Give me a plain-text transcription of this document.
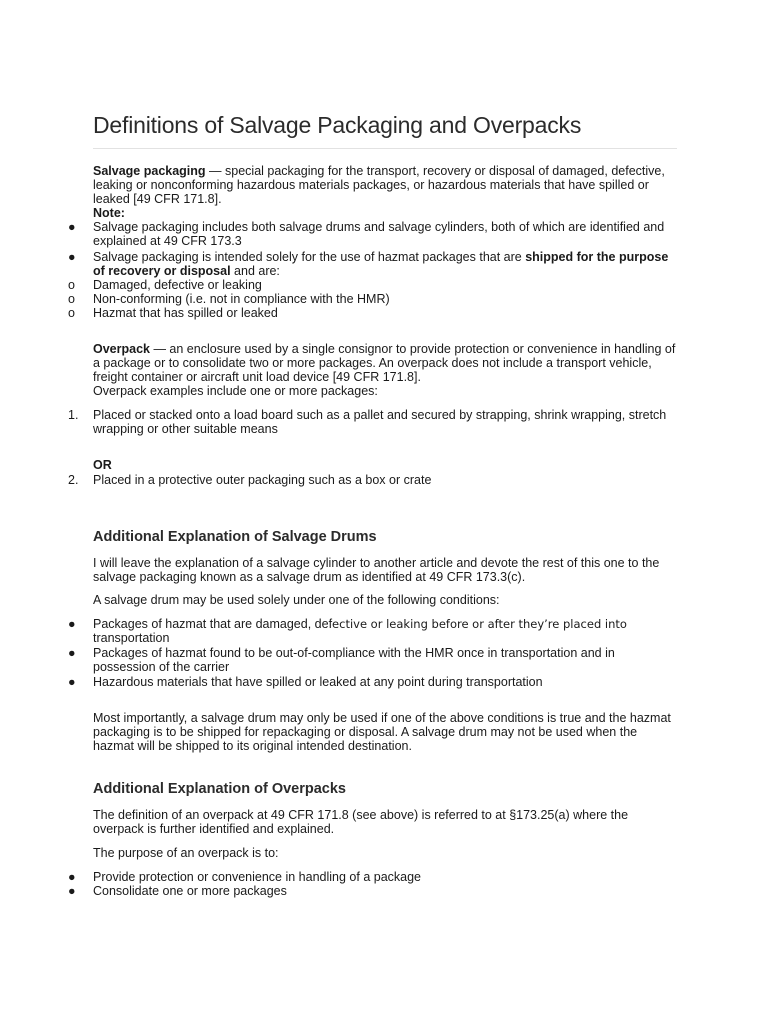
Definitions of Salvage Packaging and Overpacks

Salvage packaging — special packaging for the transport, recovery or disposal of damaged, defective, leaking or nonconforming hazardous materials packages, or hazardous materials that have spilled or leaked [49 CFR 171.8].

Note:

● Salvage packaging includes both salvage drums and salvage cylinders, both of which are identified and explained at 49 CFR 173.3
● Salvage packaging is intended solely for the use of hazmat packages that are shipped for the purpose of recovery or disposal and are:
o Damaged, defective or leaking
o Non-conforming (i.e. not in compliance with the HMR)
o Hazmat that has spilled or leaked

Overpack — an enclosure used by a single consignor to provide protection or convenience in handling of a package or to consolidate two or more packages. An overpack does not include a transport vehicle, freight container or aircraft unit load device [49 CFR 171.8].

Overpack examples include one or more packages:

1. Placed or stacked onto a load board such as a pallet and secured by strapping, shrink wrapping, stretch wrapping or other suitable means

OR

2. Placed in a protective outer packaging such as a box or crate
Additional Explanation of Salvage Drums

I will leave the explanation of a salvage cylinder to another article and devote the rest of this one to the salvage packaging known as a salvage drum as identified at 49 CFR 173.3(c).

A salvage drum may be used solely under one of the following conditions:

● Packages of hazmat that are damaged, defective or leaking before or after they’re placed into transportation
● Packages of hazmat found to be out-of-compliance with the HMR once in transportation and in possession of the carrier
● Hazardous materials that have spilled or leaked at any point during transportation

Most importantly, a salvage drum may only be used if one of the above conditions is true and the hazmat packaging is to be shipped for repackaging or disposal. A salvage drum may not be used when the hazmat will be shipped to its original intended destination.

Additional Explanation of Overpacks

The definition of an overpack at 49 CFR 171.8 (see above) is referred to at §173.25(a) where the overpack is further identified and explained.

The purpose of an overpack is to:

● Provide protection or convenience in handling of a package
● Consolidate one or more packages
